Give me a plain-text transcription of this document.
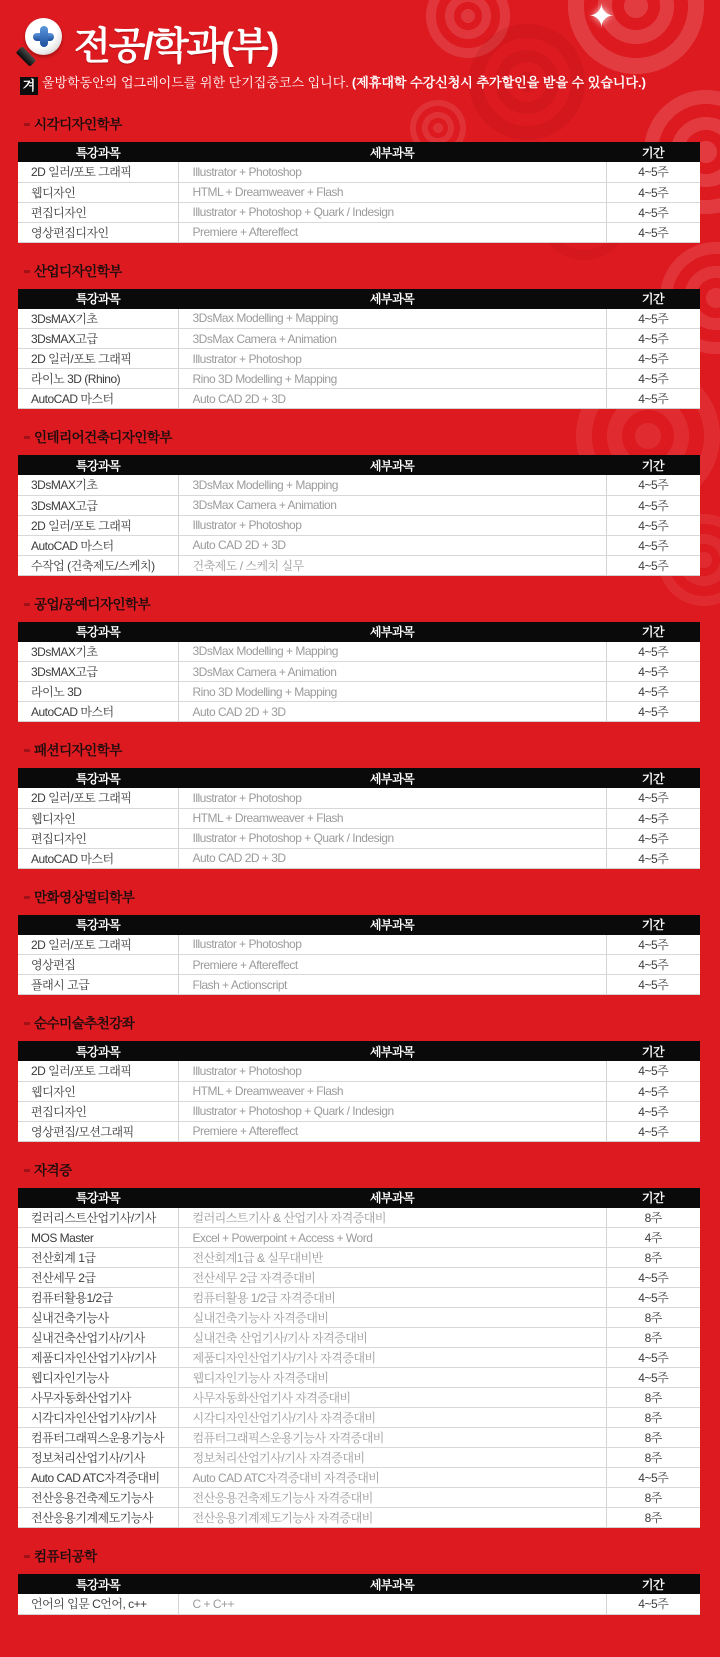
✦
전공/학과(부)

겨 울방학동안의 업그레이드를 위한 단기집중코스 입니다. (제휴대학 수강신청시 추가할인을 받을 수 있습니다.)

시각디자인학부
특강과목	세부과목	기간
2D 일러/포토 그래픽	Illustrator + Photoshop	4~5주
웹디자인	HTML + Dreamweaver + Flash	4~5주
편집디자인	Illustrator + Photoshop + Quark / Indesign	4~5주
영상편집디자인	Premiere + Aftereffect	4~5주
산업디자인학부
특강과목	세부과목	기간
3DsMAX기초	3DsMax Modelling + Mapping	4~5주
3DsMAX고급	3DsMax Camera + Animation	4~5주
2D 일러/포토 그래픽	Illustrator + Photoshop	4~5주
라이노 3D (Rhino)	Rino 3D Modelling + Mapping	4~5주
AutoCAD 마스터	Auto CAD 2D + 3D	4~5주
인테리어건축디자인학부
특강과목	세부과목	기간
3DsMAX기초	3DsMax Modelling + Mapping	4~5주
3DsMAX고급	3DsMax Camera + Animation	4~5주
2D 일러/포토 그래픽	Illustrator + Photoshop	4~5주
AutoCAD 마스터	Auto CAD 2D + 3D	4~5주
수작업 (건축제도/스케치)	건축제도 / 스케치 실무	4~5주
공업/공예디자인학부
특강과목	세부과목	기간
3DsMAX기초	3DsMax Modelling + Mapping	4~5주
3DsMAX고급	3DsMax Camera + Animation	4~5주
라이노 3D	Rino 3D Modelling + Mapping	4~5주
AutoCAD 마스터	Auto CAD 2D + 3D	4~5주
패션디자인학부
특강과목	세부과목	기간
2D 일러/포토 그래픽	Illustrator + Photoshop	4~5주
웹디자인	HTML + Dreamweaver + Flash	4~5주
편집디자인	Illustrator + Photoshop + Quark / Indesign	4~5주
AutoCAD 마스터	Auto CAD 2D + 3D	4~5주
만화영상멀티학부
특강과목	세부과목	기간
2D 일러/포토 그래픽	Illustrator + Photoshop	4~5주
영상편집	Premiere + Aftereffect	4~5주
플래시 고급	Flash + Actionscript	4~5주
순수미술추천강좌
특강과목	세부과목	기간
2D 일러/포토 그래픽	Illustrator + Photoshop	4~5주
웹디자인	HTML + Dreamweaver + Flash	4~5주
편집디자인	Illustrator + Photoshop + Quark / Indesign	4~5주
영상편집/모션그래픽	Premiere + Aftereffect	4~5주
자격증
특강과목	세부과목	기간
컬러리스트산업기사/기사	컬러리스트기사 & 산업기사 자격증대비	8주
MOS Master	Excel + Powerpoint + Access + Word	4주
전산회계 1급	전산회계1급 & 실무대비반	8주
전산세무 2급	전산세무 2급 자격증대비	4~5주
컴퓨터활용1/2급	컴퓨터활용 1/2급 자격증대비	4~5주
실내건축기능사	실내건축기능사 자격증대비	8주
실내건축산업기사/기사	실내건축 산업기사/기사 자격증대비	8주
제품디자인산업기사/기사	제품디자인산업기사/기사 자격증대비	4~5주
웹디자인기능사	웹디자인기능사 자격증대비	4~5주
사무자동화산업기사	사무자동화산업기사 자격증대비	8주
시각디자인산업기사/기사	시각디자인산업기사/기사 자격증대비	8주
컴퓨터그래픽스운용기능사	컴퓨터그래픽스운용기능사 자격증대비	8주
정보처리산업기사/기사	정보처리산업기사/기사 자격증대비	8주
Auto CAD ATC자격증대비	Auto CAD ATC자격증대비 자격증대비	4~5주
전산응용건축제도기능사	전산응용건축제도기능사 자격증대비	8주
전산응용기계제도기능사	전산응용기계제도기능사 자격증대비	8주
컴퓨터공학
특강과목	세부과목	기간
언어의 입문 C언어, c++	C + C++	4~5주
